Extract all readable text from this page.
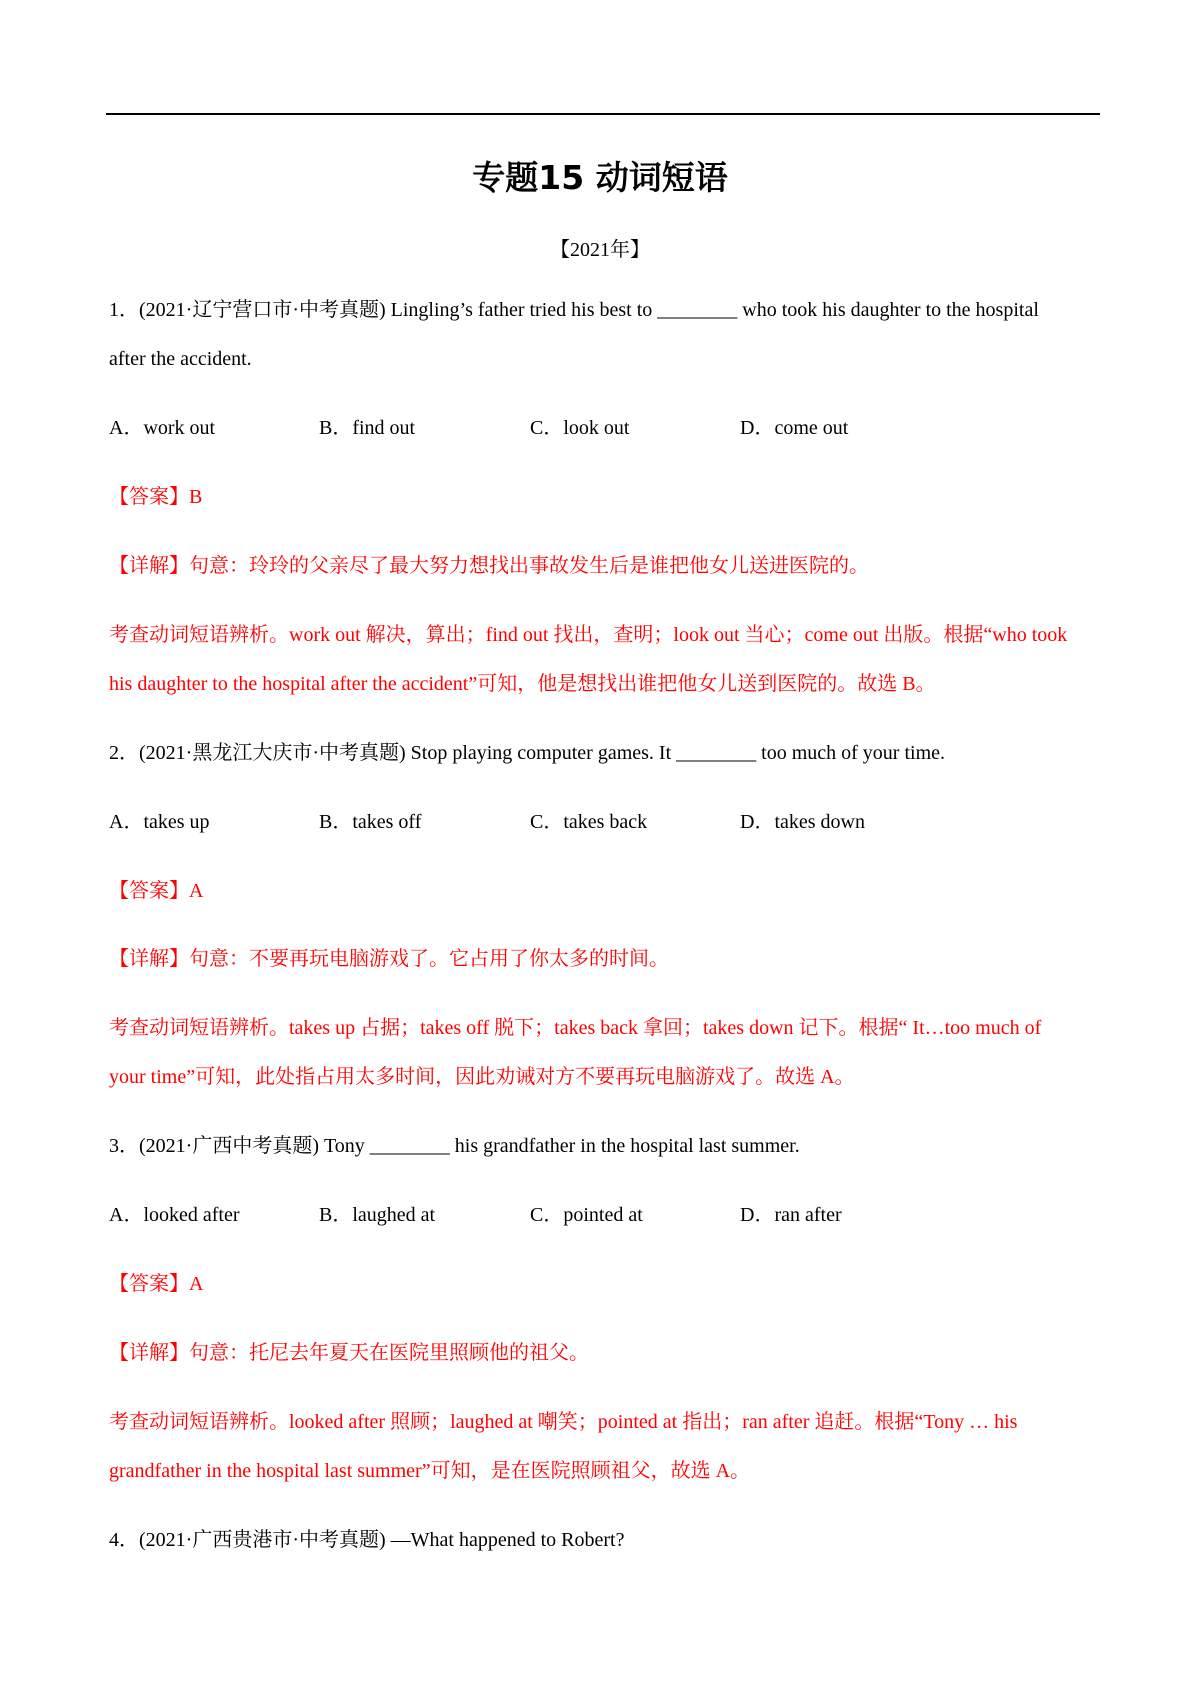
专题15 动词短语
【2021年】
1．(2021·辽宁营口市·中考真题) Lingling’s father tried his best to ________ who took his daughter to the hospital
after the accident.
A．work out	B．find out	C．look out	D．come out
【答案】B
【详解】句意：玲玲的父亲尽了最大努力想找出事故发生后是谁把他女儿送进医院的。
考查动词短语辨析。work out 解决，算出；find out 找出，查明；look out 当心；come out 出版。根据“who took
his daughter to the hospital after the accident”可知，他是想找出谁把他女儿送到医院的。故选 B。
2．(2021·黑龙江大庆市·中考真题) Stop playing computer games. It ________ too much of your time.
A．takes up	B．takes off	C．takes back	D．takes down
【答案】A
【详解】句意：不要再玩电脑游戏了。它占用了你太多的时间。
考查动词短语辨析。takes up 占据；takes off 脱下；takes back 拿回；takes down 记下。根据“ It…too much of
your time”可知，此处指占用太多时间，因此劝诫对方不要再玩电脑游戏了。故选 A。
3．(2021·广西中考真题) Tony ________ his grandfather in the hospital last summer.
A．looked after	B．laughed at	C．pointed at	D．ran after
【答案】A
【详解】句意：托尼去年夏天在医院里照顾他的祖父。
考查动词短语辨析。looked after 照顾；laughed at 嘲笑；pointed at 指出；ran after 追赶。根据“Tony … his
grandfather in the hospital last summer”可知，是在医院照顾祖父，故选 A。
4．(2021·广西贵港市·中考真题) —What happened to Robert?
